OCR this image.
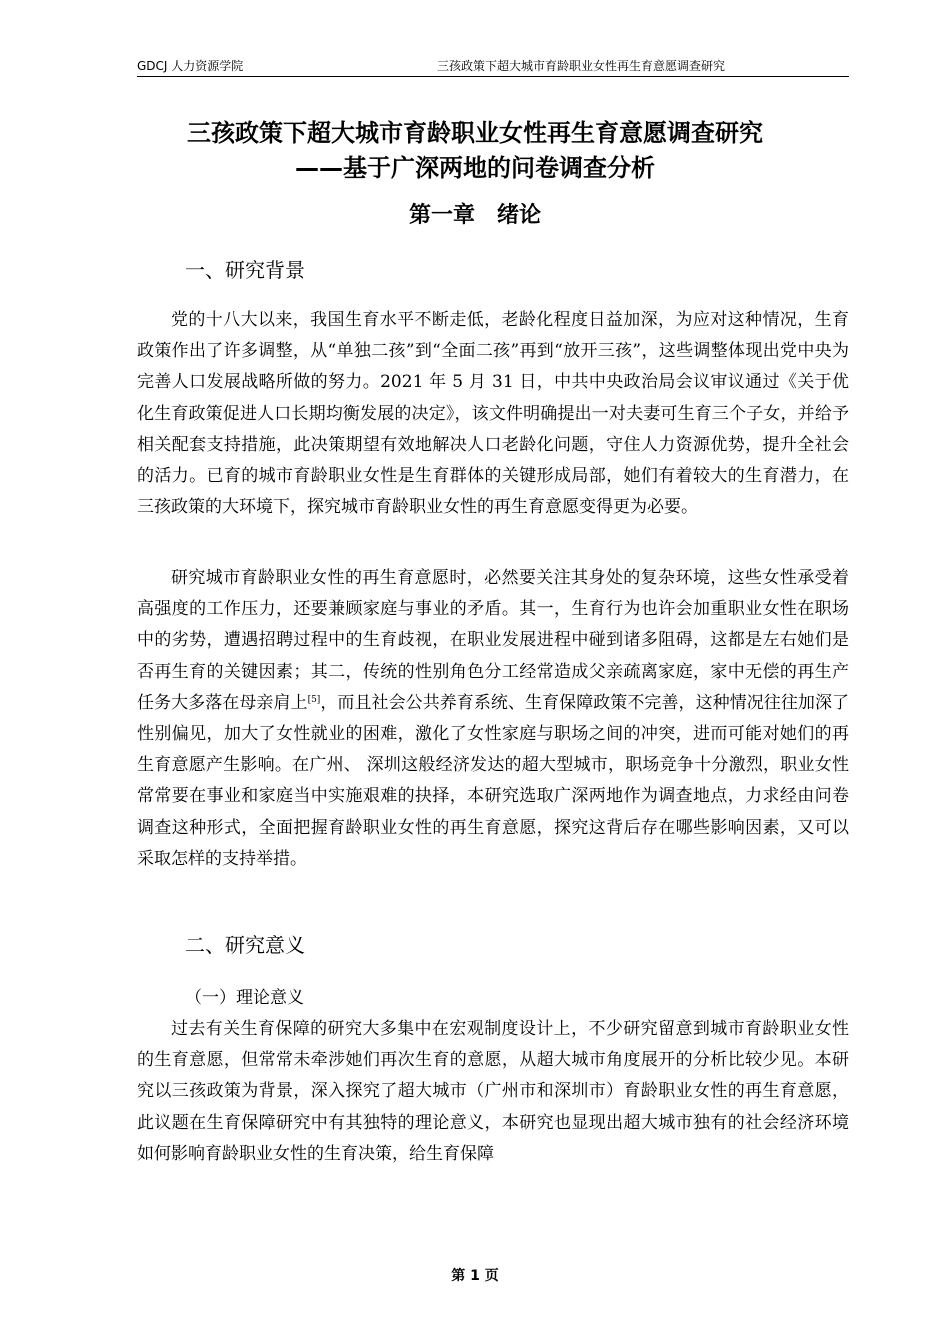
GDCJ 人力资源学院	三孩政策下超大城市育龄职业女性再生育意愿调查研究
三孩政策下超大城市育龄职业女性再生育意愿调查研究
——基于广深两地的问卷调查分析
第一章　绪论
一、研究背景

党的十八大以来，我国生育水平不断走低，老龄化程度日益加深，为应对这种情况，生育政策作出了许多调整，从“单独二孩”到“全面二孩”再到“放开三孩”，这些调整体现出党中央为完善人口发展战略所做的努力。2021 年 5 月 31 日，中共中央政治局会议审议通过《关于优化生育政策促进人口长期均衡发展的决定》，该文件明确提出一对夫妻可生育三个子女，并给予相关配套支持措施，此决策期望有效地解决人口老龄化问题，守住人力资源优势，提升全社会的活力。已育的城市育龄职业女性是生育群体的关键形成局部，她们有着较大的生育潜力，在三孩政策的大环境下，探究城市育龄职业女性的再生育意愿变得更为必要。

研究城市育龄职业女性的再生育意愿时，必然要关注其身处的复杂环境，这些女性承受着高强度的工作压力，还要兼顾家庭与事业的矛盾。其一，生育行为也许会加重职业女性在职场中的劣势，遭遇招聘过程中的生育歧视，在职业发展进程中碰到诸多阻碍，这都是左右她们是否再生育的关键因素；其二，传统的性别角色分工经常造成父亲疏离家庭，家中无偿的再生产任务大多落在母亲肩上[5]，而且社会公共养育系统、生育保障政策不完善，这种情况往往加深了性别偏见，加大了女性就业的困难，激化了女性家庭与职场之间的冲突，进而可能对她们的再生育意愿产生影响。在广州、 深圳这般经济发达的超大型城市，职场竞争十分激烈，职业女性常常要在事业和家庭当中实施艰难的抉择，本研究选取广深两地作为调查地点，力求经由问卷调查这种形式，全面把握育龄职业女性的再生育意愿，探究这背后存在哪些影响因素，又可以采取怎样的支持举措。

二、研究意义
（一）理论意义

过去有关生育保障的研究大多集中在宏观制度设计上，不少研究留意到城市育龄职业女性的生育意愿，但常常未牵涉她们再次生育的意愿，从超大城市角度展开的分析比较少见。本研究以三孩政策为背景，深入探究了超大城市（广州市和深圳市）育龄职业女性的再生育意愿，此议题在生育保障研究中有其独特的理论意义，本研究也显现出超大城市独有的社会经济环境如何影响育龄职业女性的生育决策，给生育保障

第 1 页
